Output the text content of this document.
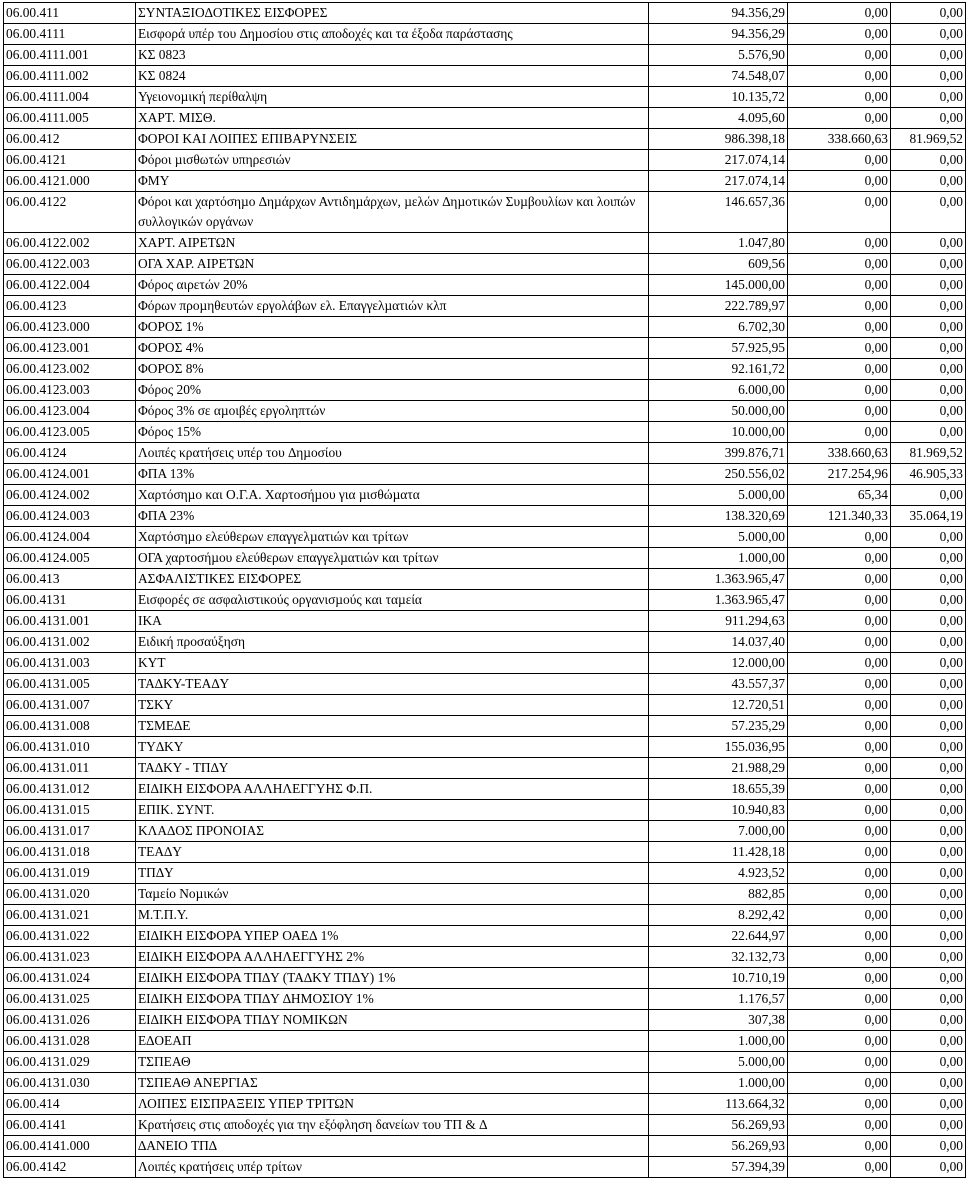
06.00.411	ΣΥΝΤΑΞΙΟ∆ΟΤΙΚΕΣ ΕΙΣΦΟΡΕΣ	94.356,29	0,00	0,00
06.00.4111	Εισφορά υπέρ του ∆ηµοσίου στις αποδοχές και τα έξοδα παράστασης	94.356,29	0,00	0,00
06.00.4111.001	ΚΣ 0823	5.576,90	0,00	0,00
06.00.4111.002	ΚΣ 0824	74.548,07	0,00	0,00
06.00.4111.004	Υγειονοµική περίθαλψη	10.135,72	0,00	0,00
06.00.4111.005	ΧΑΡΤ. ΜΙΣΘ.	4.095,60	0,00	0,00
06.00.412	ΦΟΡΟΙ ΚΑΙ ΛΟΙΠΕΣ ΕΠΙΒΑΡΥΝΣΕΙΣ	986.398,18	338.660,63	81.969,52
06.00.4121	Φόροι µισθωτών υπηρεσιών	217.074,14	0,00	0,00
06.00.4121.000	ΦΜΥ	217.074,14	0,00	0,00
06.00.4122	Φόροι και χαρτόσηµο ∆ηµάρχων Αντιδηµάρχων, µελών ∆ηµοτικών Συµβουλίων και λοιπών συλλογικών οργάνων	146.657,36	0,00	0,00
06.00.4122.002	ΧΑΡΤ. ΑΙΡΕΤΩΝ	1.047,80	0,00	0,00
06.00.4122.003	ΟΓΑ ΧΑΡ. ΑΙΡΕΤΩΝ	609,56	0,00	0,00
06.00.4122.004	Φόρος αιρετών 20%	145.000,00	0,00	0,00
06.00.4123	Φόρων προµηθευτών εργολάβων ελ. Επαγγελµατιών κλπ	222.789,97	0,00	0,00
06.00.4123.000	ΦΟΡΟΣ 1%	6.702,30	0,00	0,00
06.00.4123.001	ΦΟΡΟΣ 4%	57.925,95	0,00	0,00
06.00.4123.002	ΦΟΡΟΣ 8%	92.161,72	0,00	0,00
06.00.4123.003	Φόρος 20%	6.000,00	0,00	0,00
06.00.4123.004	Φόρος 3% σε αµοιβές εργοληπτών	50.000,00	0,00	0,00
06.00.4123.005	Φόρος 15%	10.000,00	0,00	0,00
06.00.4124	Λοιπές κρατήσεις υπέρ του ∆ηµοσίου	399.876,71	338.660,63	81.969,52
06.00.4124.001	ΦΠΑ 13%	250.556,02	217.254,96	46.905,33
06.00.4124.002	Χαρτόσηµο και Ο.Γ.Α. Χαρτοσήµου για µισθώµατα	5.000,00	65,34	0,00
06.00.4124.003	ΦΠΑ 23%	138.320,69	121.340,33	35.064,19
06.00.4124.004	Χαρτόσηµο ελεύθερων επαγγελµατιών και τρίτων	5.000,00	0,00	0,00
06.00.4124.005	ΟΓΑ χαρτοσήµου ελεύθερων επαγγελµατιών και τρίτων	1.000,00	0,00	0,00
06.00.413	ΑΣΦΑΛΙΣΤΙΚΕΣ ΕΙΣΦΟΡΕΣ	1.363.965,47	0,00	0,00
06.00.4131	Εισφορές σε ασφαλιστικούς οργανισµούς και ταµεία	1.363.965,47	0,00	0,00
06.00.4131.001	ΙΚΑ	911.294,63	0,00	0,00
06.00.4131.002	Ειδική προσαύξηση	14.037,40	0,00	0,00
06.00.4131.003	ΚΥΤ	12.000,00	0,00	0,00
06.00.4131.005	ΤΑ∆ΚΥ-ΤΕΑ∆Υ	43.557,37	0,00	0,00
06.00.4131.007	ΤΣΚΥ	12.720,51	0,00	0,00
06.00.4131.008	ΤΣΜΕ∆Ε	57.235,29	0,00	0,00
06.00.4131.010	ΤΥ∆ΚΥ	155.036,95	0,00	0,00
06.00.4131.011	ΤΑ∆ΚΥ - ΤΠ∆Υ	21.988,29	0,00	0,00
06.00.4131.012	ΕΙ∆ΙΚΗ ΕΙΣΦΟΡΑ ΑΛΛΗΛΕΓΓΥΗΣ Φ.Π.	18.655,39	0,00	0,00
06.00.4131.015	ΕΠΙΚ. ΣΥΝΤ.	10.940,83	0,00	0,00
06.00.4131.017	ΚΛΑ∆ΟΣ ΠΡΟΝΟΙΑΣ	7.000,00	0,00	0,00
06.00.4131.018	ΤΕΑ∆Υ	11.428,18	0,00	0,00
06.00.4131.019	ΤΠ∆Υ	4.923,52	0,00	0,00
06.00.4131.020	Ταµείο Νοµικών	882,85	0,00	0,00
06.00.4131.021	Μ.Τ.Π.Υ.	8.292,42	0,00	0,00
06.00.4131.022	ΕΙ∆ΙΚΗ ΕΙΣΦΟΡΑ ΥΠΕΡ ΟΑΕ∆ 1%	22.644,97	0,00	0,00
06.00.4131.023	ΕΙ∆ΙΚΗ ΕΙΣΦΟΡΑ ΑΛΛΗΛΕΓΓΥΗΣ 2%	32.132,73	0,00	0,00
06.00.4131.024	ΕΙ∆ΙΚΗ ΕΙΣΦΟΡΑ ΤΠ∆Υ (ΤΑ∆ΚΥ ΤΠ∆Υ) 1%	10.710,19	0,00	0,00
06.00.4131.025	ΕΙ∆ΙΚΗ ΕΙΣΦΟΡΑ ΤΠ∆Υ ∆ΗΜΟΣΙΟΥ 1%	1.176,57	0,00	0,00
06.00.4131.026	ΕΙ∆ΙΚΗ ΕΙΣΦΟΡΑ ΤΠ∆Υ ΝΟΜΙΚΩΝ	307,38	0,00	0,00
06.00.4131.028	Ε∆ΟΕΑΠ	1.000,00	0,00	0,00
06.00.4131.029	ΤΣΠΕΑΘ	5.000,00	0,00	0,00
06.00.4131.030	ΤΣΠΕΑΘ ΑΝΕΡΓΙΑΣ	1.000,00	0,00	0,00
06.00.414	ΛΟΙΠΕΣ ΕΙΣΠΡΑΞΕΙΣ ΥΠΕΡ ΤΡΙΤΩΝ	113.664,32	0,00	0,00
06.00.4141	Κρατήσεις στις αποδοχές για την εξόφληση δανείων του ΤΠ & ∆	56.269,93	0,00	0,00
06.00.4141.000	∆ΑΝΕΙΟ ΤΠ∆	56.269,93	0,00	0,00
06.00.4142	Λοιπές κρατήσεις υπέρ τρίτων	57.394,39	0,00	0,00
